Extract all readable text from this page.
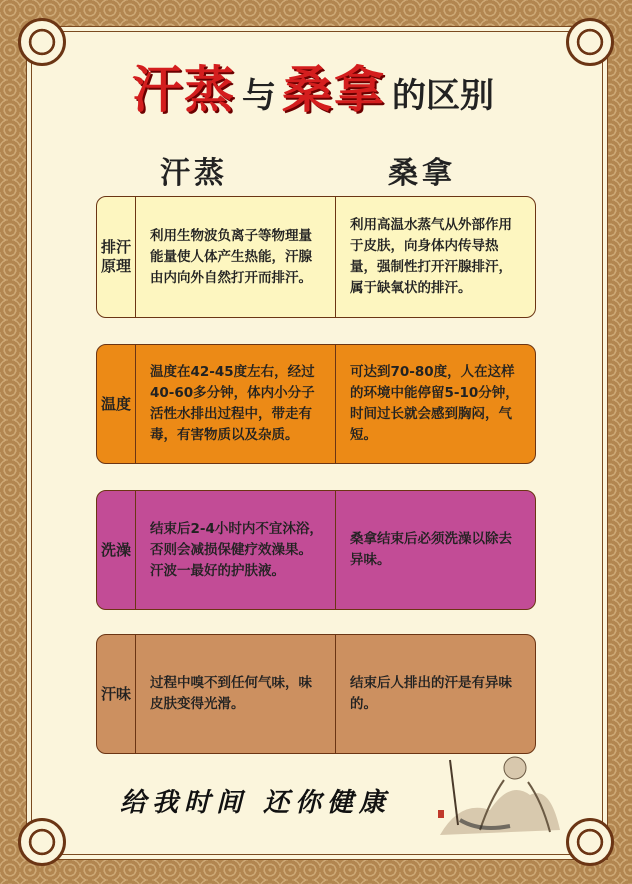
汗蒸 与 桑拿 的区别
汗蒸	桑拿
排汗原理
利用生物波负离子等物理量能量使人体产生热能，汗腺由内向外自然打开而排汗。
利用高温水蒸气从外部作用于皮肤，向身体内传导热量，强制性打开汗腺排汗，属于缺氧状的排汗。
温度
温度在42-45度左右，经过40-60多分钟，体内小分子活性水排出过程中，带走有毒，有害物质以及杂质。
可达到70-80度，人在这样的环境中能停留5-10分钟，时间过长就会感到胸闷，气短。
洗澡
结束后2-4小时内不宜沐浴，否则会减损保健疗效澡果。汗波一最好的护肤液。
桑拿结束后必须洗澡以除去异味。
汗味
过程中嗅不到任何气味，味皮肤变得光滑。
结束后人排出的汗是有异味的。
给我时间 还你健康
